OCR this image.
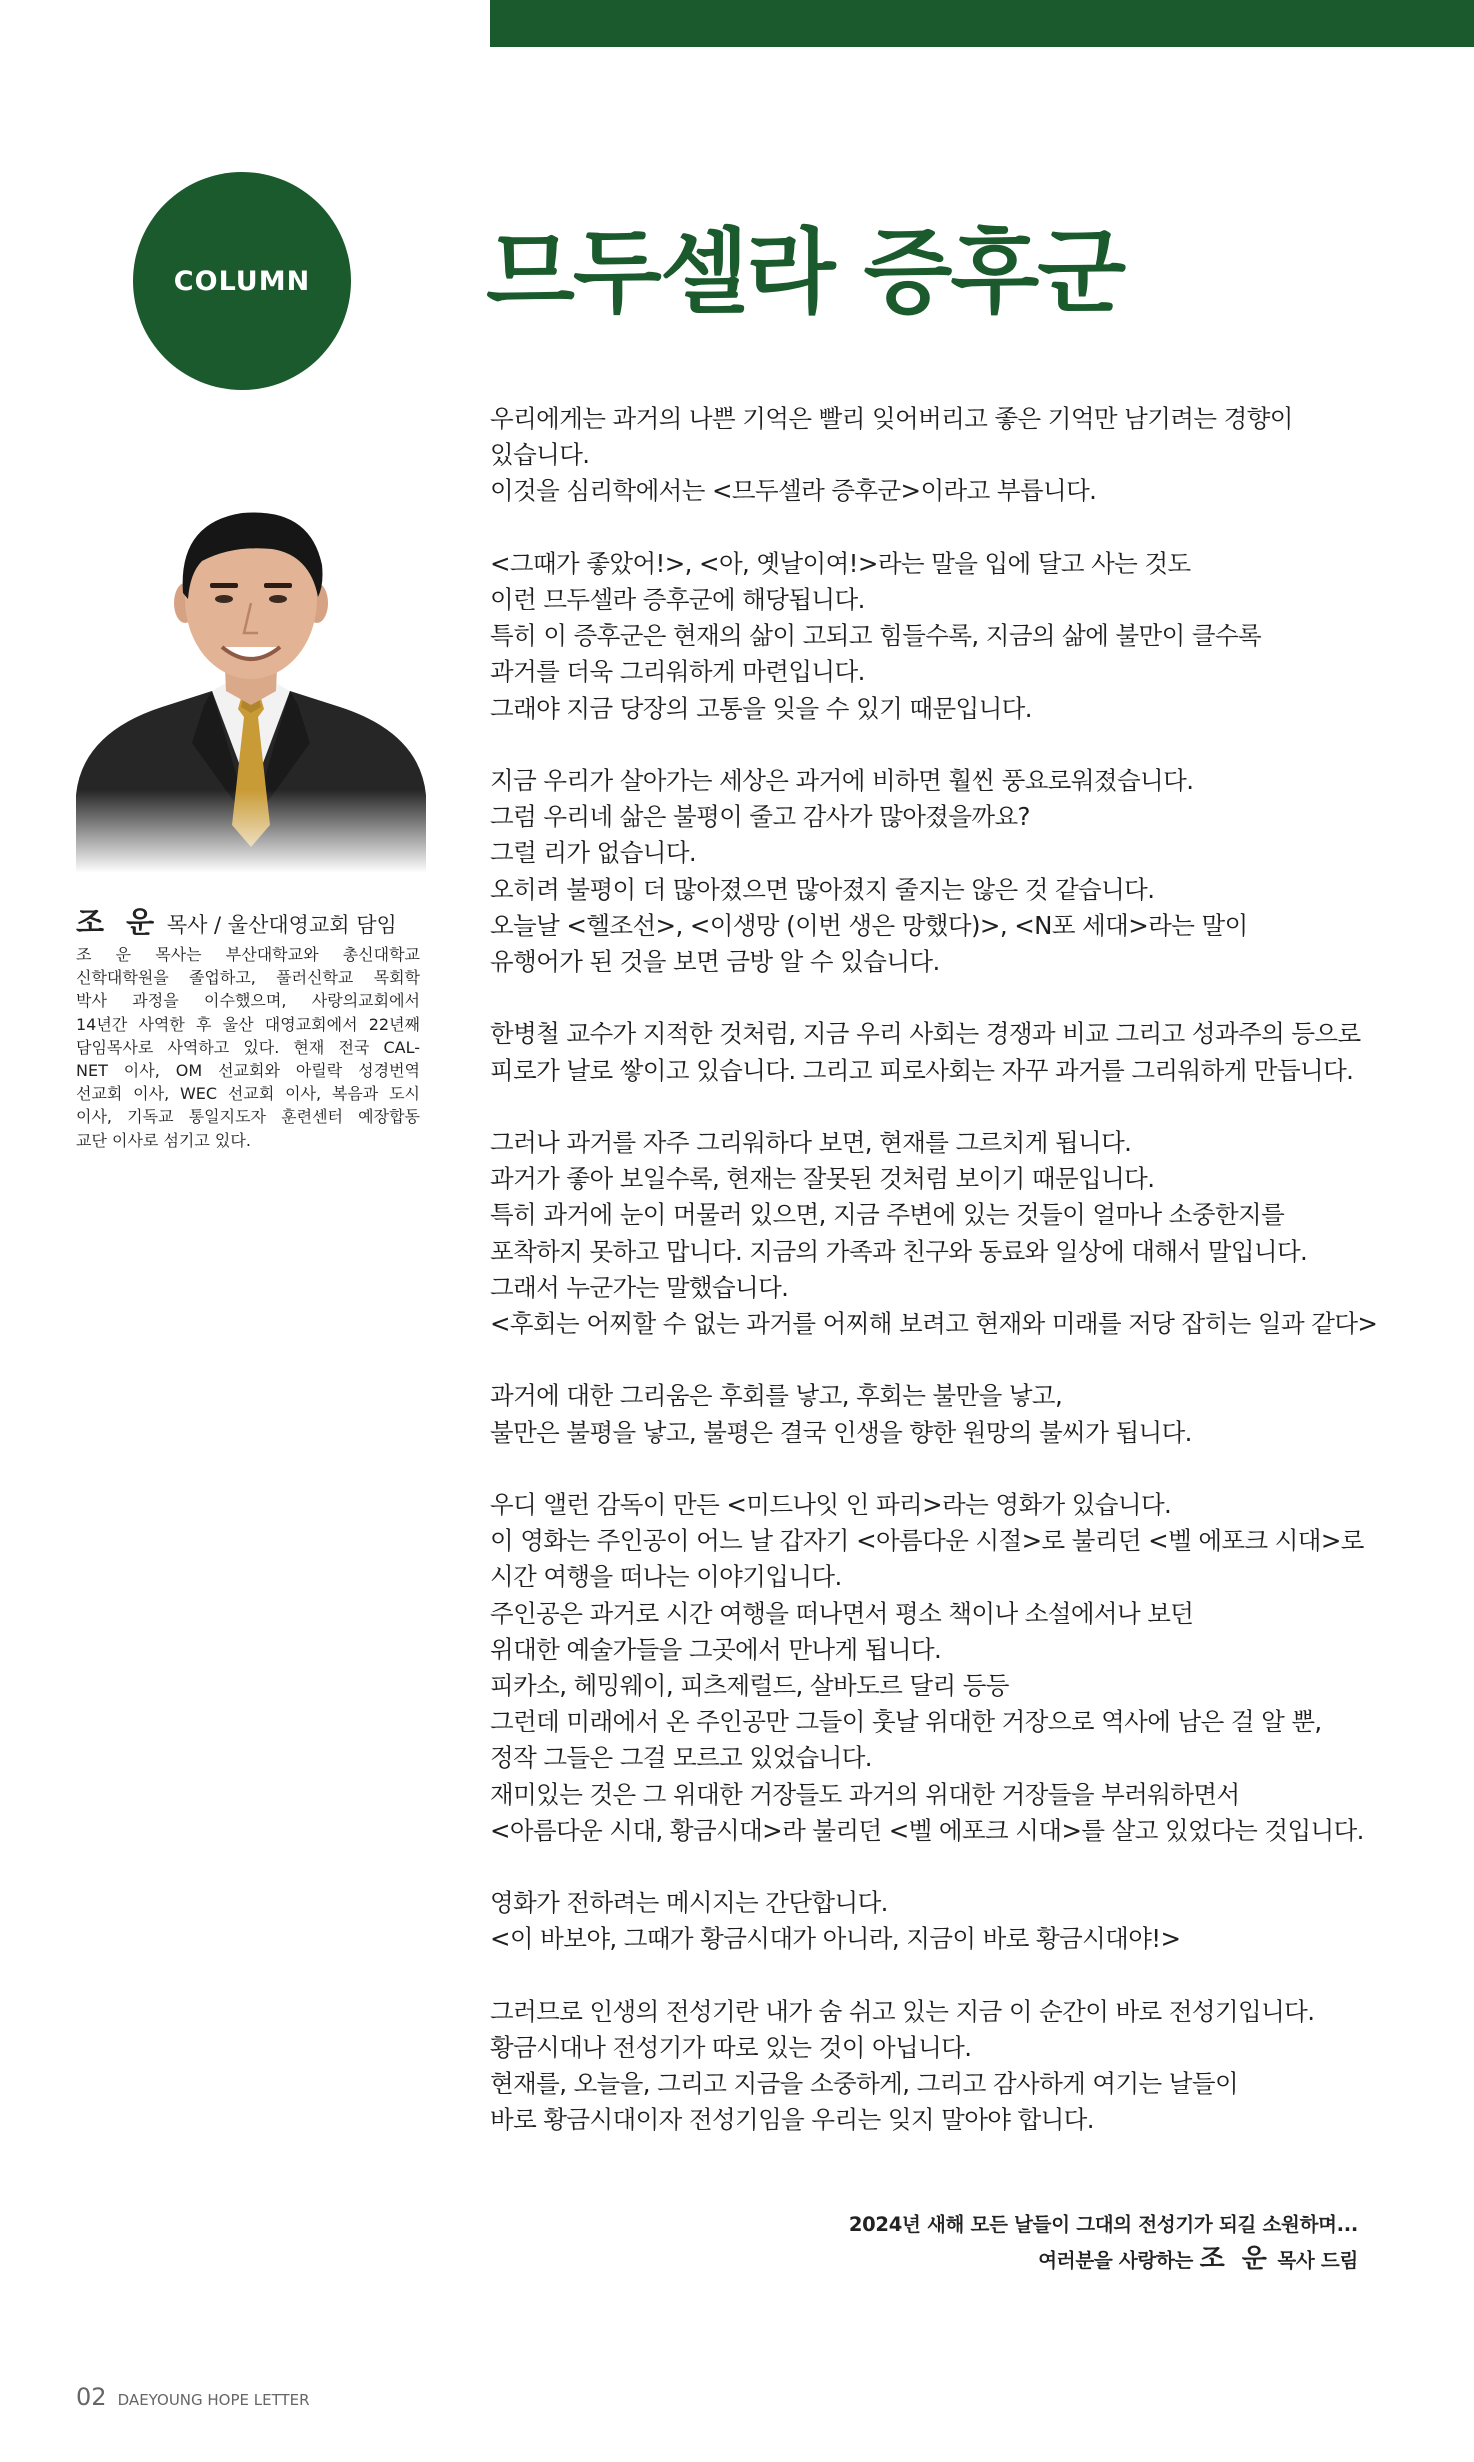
COLUMN 므두셀라 증후군

조 운 목사 / 울산대영교회 담임

조 운 목사는 부산대학교와 총신대학교
신학대학원을 졸업하고, 풀러신학교 목회학
박사 과정을 이수했으며, 사랑의교회에서
14년간 사역한 후 울산 대영교회에서 22년째
담임목사로 사역하고 있다. 현재 전국 CAL-
NET 이사, OM 선교회와 아릴락 성경번역
선교회 이사, WEC 선교회 이사, 복음과 도시
이사, 기독교 통일지도자 훈련센터 예장합동
교단 이사로 섬기고 있다.

우리에게는 과거의 나쁜 기억은 빨리 잊어버리고 좋은 기억만 남기려는 경향이
있습니다.
이것을 심리학에서는 <므두셀라 증후군>이라고 부릅니다.

<그때가 좋았어!>, <아, 옛날이여!>라는 말을 입에 달고 사는 것도
이런 므두셀라 증후군에 해당됩니다.
특히 이 증후군은 현재의 삶이 고되고 힘들수록, 지금의 삶에 불만이 클수록
과거를 더욱 그리워하게 마련입니다.
그래야 지금 당장의 고통을 잊을 수 있기 때문입니다.

지금 우리가 살아가는 세상은 과거에 비하면 훨씬 풍요로워졌습니다.
그럼 우리네 삶은 불평이 줄고 감사가 많아졌을까요?
그럴 리가 없습니다.
오히려 불평이 더 많아졌으면 많아졌지 줄지는 않은 것 같습니다.
오늘날 <헬조선>, <이생망 (이번 생은 망했다)>, <N포 세대>라는 말이
유행어가 된 것을 보면 금방 알 수 있습니다.

한병철 교수가 지적한 것처럼, 지금 우리 사회는 경쟁과 비교 그리고 성과주의 등으로
피로가 날로 쌓이고 있습니다. 그리고 피로사회는 자꾸 과거를 그리워하게 만듭니다.

그러나 과거를 자주 그리워하다 보면, 현재를 그르치게 됩니다.
과거가 좋아 보일수록, 현재는 잘못된 것처럼 보이기 때문입니다.
특히 과거에 눈이 머물러 있으면, 지금 주변에 있는 것들이 얼마나 소중한지를
포착하지 못하고 맙니다. 지금의 가족과 친구와 동료와 일상에 대해서 말입니다.
그래서 누군가는 말했습니다.
<후회는 어찌할 수 없는 과거를 어찌해 보려고 현재와 미래를 저당 잡히는 일과 같다>

과거에 대한 그리움은 후회를 낳고, 후회는 불만을 낳고,
불만은 불평을 낳고, 불평은 결국 인생을 향한 원망의 불씨가 됩니다.

우디 앨런 감독이 만든 <미드나잇 인 파리>라는 영화가 있습니다.
이 영화는 주인공이 어느 날 갑자기 <아름다운 시절>로 불리던 <벨 에포크 시대>로
시간 여행을 떠나는 이야기입니다.
주인공은 과거로 시간 여행을 떠나면서 평소 책이나 소설에서나 보던
위대한 예술가들을 그곳에서 만나게 됩니다.
피카소, 헤밍웨이, 피츠제럴드, 살바도르 달리 등등
그런데 미래에서 온 주인공만 그들이 훗날 위대한 거장으로 역사에 남은 걸 알 뿐,
정작 그들은 그걸 모르고 있었습니다.
재미있는 것은 그 위대한 거장들도 과거의 위대한 거장들을 부러워하면서
<아름다운 시대, 황금시대>라 불리던 <벨 에포크 시대>를 살고 있었다는 것입니다.

영화가 전하려는 메시지는 간단합니다.
<이 바보야, 그때가 황금시대가 아니라, 지금이 바로 황금시대야!>

그러므로 인생의 전성기란 내가 숨 쉬고 있는 지금 이 순간이 바로 전성기입니다.
황금시대나 전성기가 따로 있는 것이 아닙니다.
현재를, 오늘을, 그리고 지금을 소중하게, 그리고 감사하게 여기는 날들이
바로 황금시대이자 전성기임을 우리는 잊지 말아야 합니다.

2024년 새해 모든 날들이 그대의 전성기가 되길 소원하며...
여러분을 사랑하는 조 운 목사 드림
02 DAEYOUNG HOPE LETTER
